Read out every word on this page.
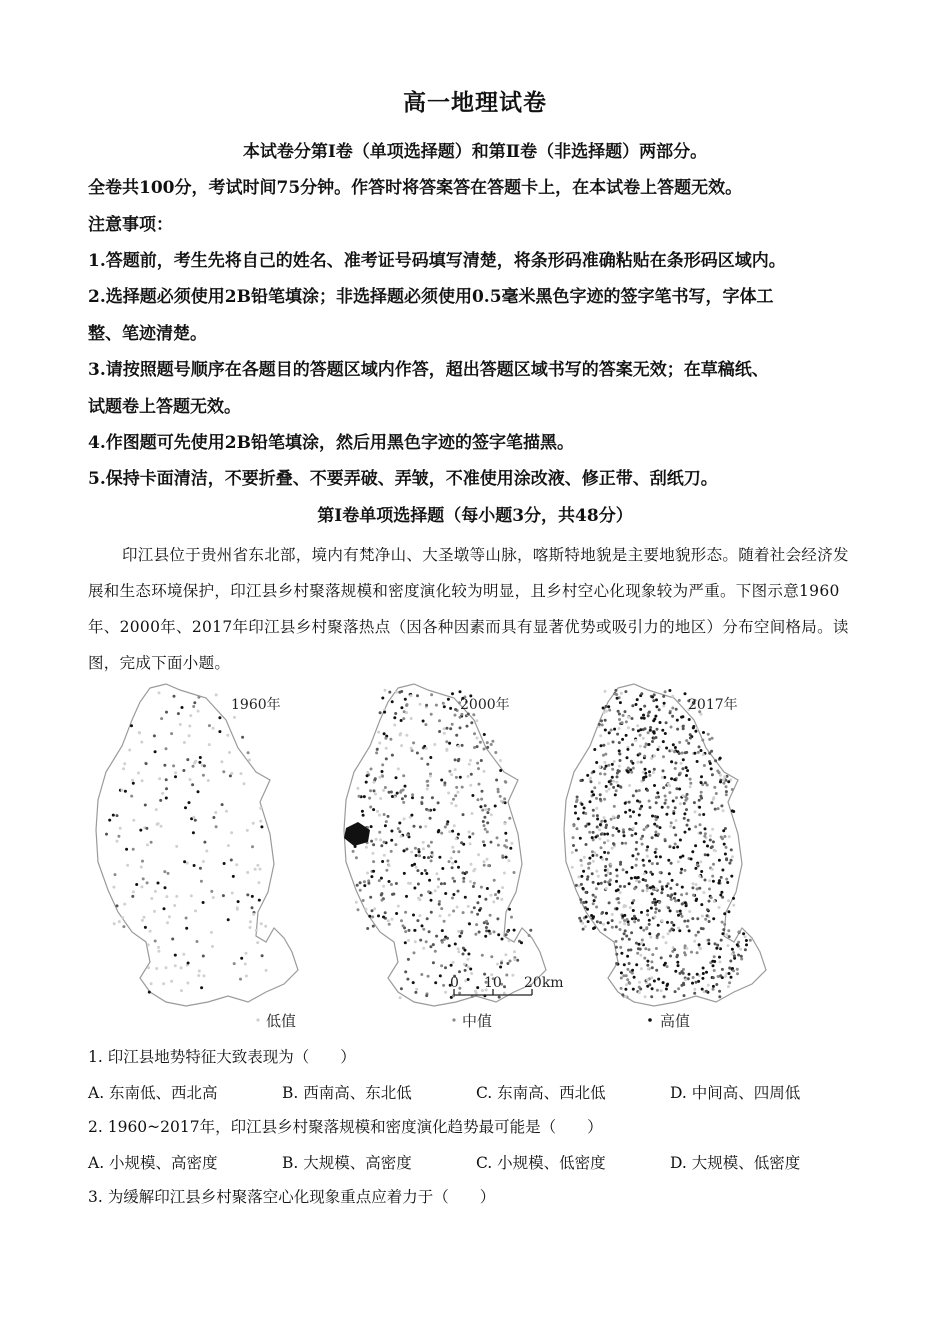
高一地理试卷
本试卷分第Ⅰ卷（单项选择题）和第Ⅱ卷（非选择题）两部分。
全卷共100分，考试时间75分钟。作答时将答案答在答题卡上，在本试卷上答题无效。
注意事项：
1.答题前，考生先将自己的姓名、准考证号码填写清楚，将条形码准确粘贴在条形码区域内。
2.选择题必须使用2B铅笔填涂；非选择题必须使用0.5毫米黑色字迹的签字笔书写，字体工
整、笔迹清楚。
3.请按照题号顺序在各题目的答题区域内作答，超出答题区域书写的答案无效；在草稿纸、
试题卷上答题无效。
4.作图题可先使用2B铅笔填涂，然后用黑色字迹的签字笔描黑。
5.保持卡面清洁，不要折叠、不要弄破、弄皱，不准使用涂改液、修正带、刮纸刀。
第Ⅰ卷单项选择题（每小题3分，共48分）
印江县位于贵州省东北部，境内有梵净山、大圣墩等山脉，喀斯特地貌是主要地貌形态。随着社会经济发展和生态环境保护，印江县乡村聚落规模和密度演化较为明显，且乡村空心化现象较为严重。下图示意1960年、2000年、2017年印江县乡村聚落热点（因各种因素而具有显著优势或吸引力的地区）分布空间格局。读图，完成下面小题。
1960年	2000年	2017年
0 10 20km
低值	中值	高值
1. 印江县地势特征大致表现为（　　）
A. 东南低、西北高	B. 西南高、东北低	C. 东南高、西北低	D. 中间高、四周低
2. 1960~2017年，印江县乡村聚落规模和密度演化趋势最可能是（　　）
A. 小规模、高密度	B. 大规模、高密度	C. 小规模、低密度	D. 大规模、低密度
3. 为缓解印江县乡村聚落空心化现象重点应着力于（　　）
